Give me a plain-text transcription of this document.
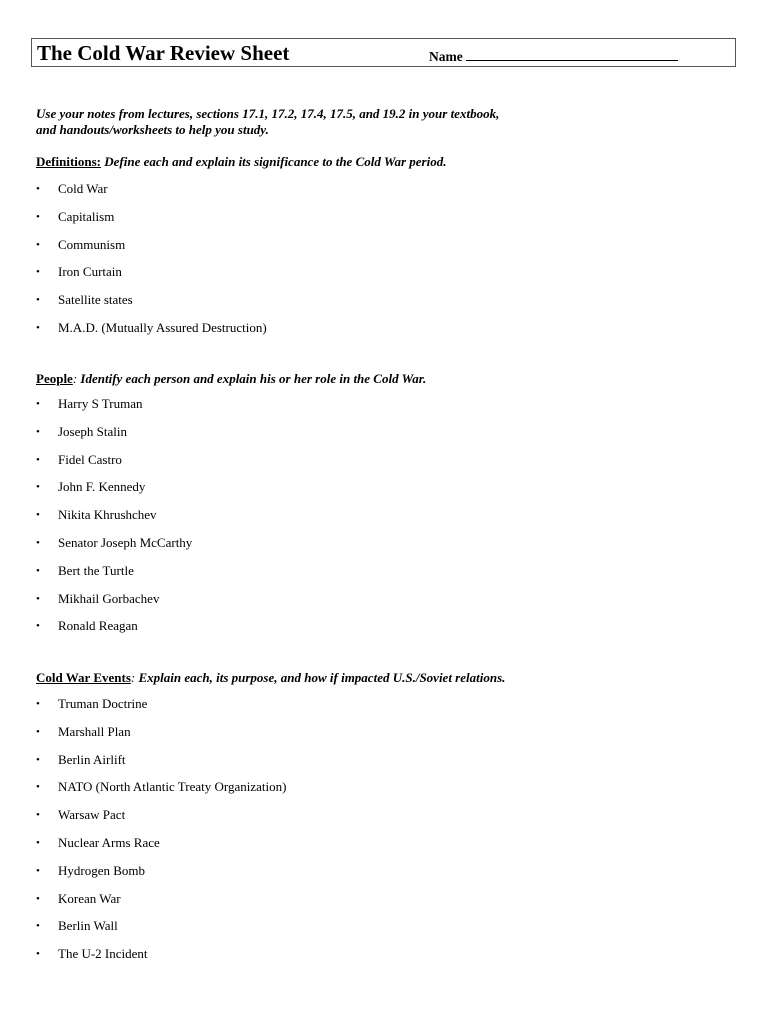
The Cold War Review Sheet	Name
Use your notes from lectures, sections 17.1, 17.2, 17.4, 17.5, and 19.2 in your textbook,
and handouts/worksheets to help you study.
Definitions: Define each and explain its significance to the Cold War period.
• Cold War
• Capitalism
• Communism
• Iron Curtain
• Satellite states
• M.A.D. (Mutually Assured Destruction)
People: Identify each person and explain his or her role in the Cold War.
• Harry S Truman
• Joseph Stalin
• Fidel Castro
• John F. Kennedy
• Nikita Khrushchev
• Senator Joseph McCarthy
• Bert the Turtle
• Mikhail Gorbachev
• Ronald Reagan
Cold War Events: Explain each, its purpose, and how if impacted U.S./Soviet relations.
• Truman Doctrine
• Marshall Plan
• Berlin Airlift
• NATO (North Atlantic Treaty Organization)
• Warsaw Pact
• Nuclear Arms Race
• Hydrogen Bomb
• Korean War
• Berlin Wall
• The U-2 Incident
